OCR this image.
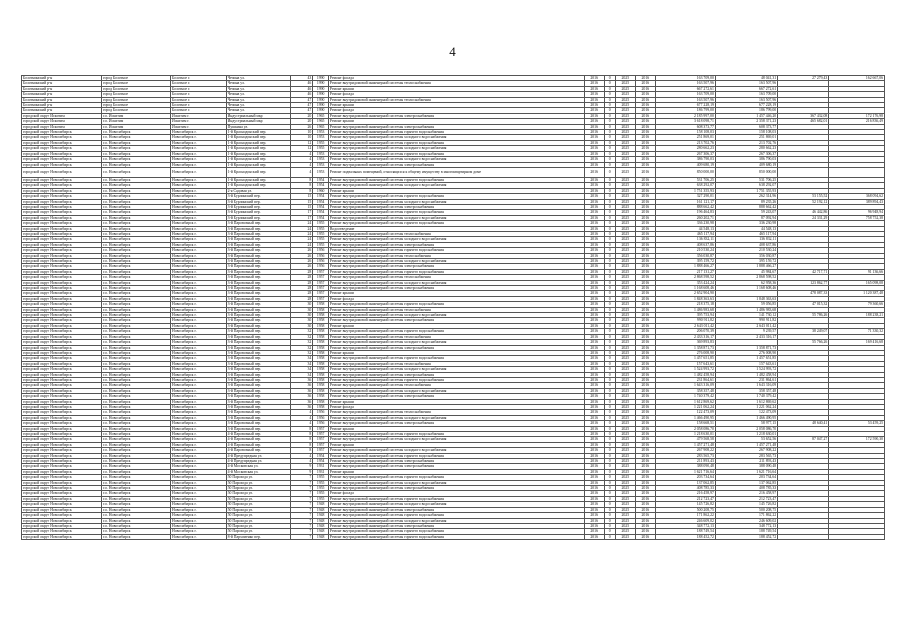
4
Болотнинский р-н	город Болотное	Болотное г.	Чечина ул.	43	1990	Ремонт фасада	2016	0	2025	2016	163 709,00	48 041,31	27 279,43	162 667,06
Болотнинский р-н	город Болотное	Болотное г.	Чечина ул.	46	1990	Ремонт внутридомовой инженерной системы теплоснабжения	2016	0	2025	2016	163 507,96	163 507,96		
Болотнинский р-н	город Болотное	Болотное г.	Чечина ул.	46	1990	Ремонт крыши	2016	0	2025	2016	667 272,61	667 272,61		
Болотнинский р-н	город Болотное	Болотное г.	Чечина ул.	46	1990	Ремонт фасада	2016	0	2025	2016	163 709,00	163 709,00		
Болотнинский р-н	город Болотное	Болотное г.	Чечина ул.	47	1990	Ремонт внутридомовой инженерной системы теплоснабжения	2016	0	2025	2016	163 507,96	163 507,96		
Болотнинский р-н	город Болотное	Болотное г.	Чечина ул.	47	1990	Ремонт крыши	2016	0	2025	2016	677 228,19	677 228,19		
Болотнинский р-н	город Болотное	Болотное г.	Чечина ул.	47	1990	Ремонт фасада	2016	0	2025	2016	186 799,00	186 799,00		
городской округ Искитим	г.о. Искитим	Искитим г.	Индустриальный мкр	20	1965	Ремонт внутридомовой инженерной системы электроснабжения	2016	0	2025	2016	2 185 997,00	1 457 446,20	367 432,08	172 176,98
городской округ Искитим	г.о. Искитим	Искитим г.	Индустриальный мкр	20	1965	Ремонт крыши	2016	0	2025	2016	3 618 098,71	2 358 371,23	465 682,01	216 836,49
городской округ Искитим	г.о. Искитим	Искитим г.	Пушкина ул.	26	1965	Ремонт внутридомовой инженерной системы электроснабжения	2016	0	2025	2016	608 373,77	608 373,77		
городской округ Новосибирск	г.о. Новосибирск	Новосибирск г.	1-й Краснодонский пер.	10	1953	Ремонт внутридомовой инженерной системы горячего водоснабжения	2016	0	2025	2016	158 108,03	158 108,03		
городской округ Новосибирск	г.о. Новосибирск	Новосибирск г.	1-й Краснодонский пер.	10	1953	Ремонт внутридомовой инженерной системы холодного водоснабжения	2016	0	2025	2016	251 869,01	251 869,01		
городской округ Новосибирск	г.о. Новосибирск	Новосибирск г.	1-й Краснодонский пер.	12	1955	Ремонт внутридомовой инженерной системы горячего водоснабжения	2016	0	2025	2016	213 702,76	213 702,76		
городской округ Новосибирск	г.о. Новосибирск	Новосибирск г.	1-й Краснодонский пер.	12	1955	Ремонт внутридомовой инженерной системы холодного водоснабжения	2016	0	2025	2016	280 662,23	280 662,23		
городской округ Новосибирск	г.о. Новосибирск	Новосибирск г.	1-й Краснодонский пер.	4	1953	Ремонт внутридомовой инженерной системы горячего водоснабжения	2016	0	2025	2016	267 306,37	267 306,37		
городской округ Новосибирск	г.о. Новосибирск	Новосибирск г.	1-й Краснодонский пер.	4	1953	Ремонт внутридомовой инженерной системы холодного водоснабжения	2016	0	2025	2016	386 790,03	386 790,03		
городской округ Новосибирск	г.о. Новосибирск	Новосибирск г.	1-й Краснодонский пер.	4	1953	Ремонт внутридомовой инженерной системы электроснабжения	2016	0	2025	2016	409 680,19	409 680,19		
городской округ Новосибирск	г.о. Новосибирск	Новосибирск г.	1-й Краснодонский пер.	4	1953	Ремонт подвальных помещений, относящихся к общему имуществу в многоквартирном доме	2016	0	2025	2016	850 000,00	850 000,00		
городской округ Новосибирск	г.о. Новосибирск	Новосибирск г.	1-й Краснодонский пер.	8	1954	Ремонт внутридомовой инженерной системы горячего водоснабжения	2016	0	2025	2016	531 706,25	531 706,25		
городской округ Новосибирск	г.о. Новосибирск	Новосибирск г.	1-й Краснодонский пер.	8	1954	Ремонт внутридомовой инженерной системы холодного водоснабжения	2016	0	2025	2016	638 292,07	638 292,07		
городской округ Новосибирск	г.о. Новосибирск	Новосибирск г.	2-я Садовая ул.	8	1960	Ремонт крыши	2016	0	2025	2016	1 751 355,93	1 751 355,93		
городской округ Новосибирск	г.о. Новосибирск	Новосибирск г.	3-й Бурлинский пер.	15	1954	Ремонт внутридомовой инженерной системы горячего водоснабжения	2016	0	2025	2016	327 290,01	262 314,96	53 155,52	368 094,62
городской округ Новосибирск	г.о. Новосибирск	Новосибирск г.	3-й Бурлинский пер.	15	1954	Ремонт внутридомовой инженерной системы холодного водоснабжения	2016	0	2025	2016	161 121,17	89 235,26	52 192,12	389 894,43
городской округ Новосибирск	г.о. Новосибирск	Новосибирск г.	3-й Бурлинский пер.	15	1954	Ремонт внутридомовой инженерной системы электроснабжения	2016	0	2025	2016	888 662,42	888 662,42		
городской округ Новосибирск	г.о. Новосибирск	Новосибирск г.	3-й Бурлинский пер.	17	1954	Ремонт внутридомовой инженерной системы горячего водоснабжения	2016	0	2025	2016	196 464,83	59 243,07	46 442,86	96 948,94
городской округ Новосибирск	г.о. Новосибирск	Новосибирск г.	3-й Бурлинский пер.	17	1954	Ремонт внутридомовой инженерной системы холодного водоснабжения	2016	0	2025	2016	260 202,71	87 092,94	24 331,29	758 752,38
городской округ Новосибирск	г.о. Новосибирск	Новосибирск г.	3-й Паровозный пер.	24	1955	Ремонт внутридомовой инженерной системы горячего водоснабжения	2016	0	2025	2016	336 230,98	336 230,98		
городской округ Новосибирск	г.о. Новосибирск	Новосибирск г.	3-й Паровозный пер.	24	1955	Водоотведение	2016	0	2025	2016	44 548,13	44 548,13		
городской округ Новосибирск	г.о. Новосибирск	Новосибирск г.	3-й Паровозный пер.	24	1955	Ремонт внутридомовой инженерной системы теплоснабжения	2016	0	2025	2016	465 117,94	465 117,94		
городской округ Новосибирск	г.о. Новосибирск	Новосибирск г.	3-й Паровозный пер.	24	1955	Ремонт внутридомовой инженерной системы холодного водоснабжения	2016	0	2025	2016	136 832,11	136 832,11		
городской округ Новосибирск	г.о. Новосибирск	Новосибирск г.	3-й Паровозный пер.	24	1955	Ремонт внутридомовой инженерной системы электроснабжения	2016	0	2025	2016	408 637,86	408 637,86		
городской округ Новосибирск	г.о. Новосибирск	Новосибирск г.	3-й Паровозный пер.	26	1956	Ремонт внутридомовой инженерной системы горячего водоснабжения	2016	0	2025	2016	210 530,24	210 530,24		
городской округ Новосибирск	г.о. Новосибирск	Новосибирск г.	3-й Паровозный пер.	26	1956	Ремонт внутридомовой инженерной системы теплоснабжения	2016	0	2025	2016	356 030,87	356 030,87		
городской округ Новосибирск	г.о. Новосибирск	Новосибирск г.	3-й Паровозный пер.	26	1956	Ремонт внутридомовой инженерной системы холодного водоснабжения	2016	0	2025	2016	395 159,72	395 159,72		
городской округ Новосибирск	г.о. Новосибирск	Новосибирск г.	3-й Паровозный пер.	26	1956	Ремонт внутридомовой инженерной системы электроснабжения	2016	0	2025	2016	1 888 466,27	1 888 466,27		
городской округ Новосибирск	г.о. Новосибирск	Новосибирск г.	3-й Паровозный пер.	28	1957	Ремонт внутридомовой инженерной системы горячего водоснабжения	2016	0	2025	2016	217 131,27	45 984,67	42 717,71	91 136,66
городской округ Новосибирск	г.о. Новосибирск	Новосибирск г.	3-й Паровозный пер.	28	1957	Ремонт внутридомовой инженерной системы теплоснабжения	2016	0	2025	2016	2 868 598,52	2 868 598,52		
городской округ Новосибирск	г.о. Новосибирск	Новосибирск г.	3-й Паровозный пер.	28	1957	Ремонт внутридомовой инженерной системы холодного водоснабжения	2016	0	2025	2016	353 424,24	62 958,36	123 862,77	165 098,08
городской округ Новосибирск	г.о. Новосибирск	Новосибирск г.	3-й Паровозный пер.	28	1957	Ремонт внутридомовой инженерной системы электроснабжения	2016	0	2025	2016	1 168 608,46	1 168 608,46		
городской округ Новосибирск	г.о. Новосибирск	Новосибирск г.	3-й Паровозный пер.	28	1957	Ремонт крыши	2016	0	2025	2016	2 652 904,90		478 087,33	1 120 387,48
городской округ Новосибирск	г.о. Новосибирск	Новосибирск г.	3-й Паровозный пер.	28	1957	Ремонт фасада	2016	0	2025	2016	1 848 363,63	1 848 363,63		
городской округ Новосибирск	г.о. Новосибирск	Новосибирск г.	3-й Паровозный пер.	30	1958	Ремонт внутридомовой инженерной системы горячего водоснабжения	2016	0	2025	2016	218 375,18	59 056,85	47 015,32	79 360,66
городской округ Новосибирск	г.о. Новосибирск	Новосибирск г.	3-й Паровозный пер.	30	1958	Ремонт внутридомовой инженерной системы теплоснабжения	2016	0	2025	2016	1 486 983,68	1 486 983,68		
городской округ Новосибирск	г.о. Новосибирск	Новосибирск г.	3-й Паровозный пер.	30	1958	Ремонт внутридомовой инженерной системы холодного водоснабжения	2016	0	2025	2016	395 753,94	141 730,12	55 786,26	188 238,21
городской округ Новосибирск	г.о. Новосибирск	Новосибирск г.	3-й Паровозный пер.	30	1958	Ремонт внутридомовой инженерной системы электроснабжения	2016	0	2025	2016	990 911,82	990 911,82		
городской округ Новосибирск	г.о. Новосибирск	Новосибирск г.	3-й Паровозный пер.	30	1958	Ремонт крыши	2016	0	2025	2016	2 643 011,42	2 643 011,42		
городской округ Новосибирск	г.о. Новосибирск	Новосибирск г.	3-й Паровозный пер.	32	1958	Ремонт внутридомовой инженерной системы горячего водоснабжения	2016	0	2025	2016	206 070,39	9 239,57	38 249,07	71 330,32
городской округ Новосибирск	г.о. Новосибирск	Новосибирск г.	3-й Паровозный пер.	32	1958	Ремонт внутридомовой инженерной системы теплоснабжения	2016	0	2025	2016	2 433 316,17	2 433 316,17		
городской округ Новосибирск	г.о. Новосибирск	Новосибирск г.	3-й Паровозный пер.	32	1958	Ремонт внутридомовой инженерной системы холодного водоснабжения	2016	0	2025	2016	369 893,83		55 766,26	169 416,68
городской округ Новосибирск	г.о. Новосибирск	Новосибирск г.	3-й Паровозный пер.	32	1958	Ремонт внутридомовой инженерной системы электроснабжения	2016	0	2025	2016	1 358 871,73	1 358 871,73		
городской округ Новосибирск	г.о. Новосибирск	Новосибирск г.	3-й Паровозный пер.	32	1958	Ремонт крыши	2016	0	2025	2016	276 008,90	276 008,90		
городской округ Новосибирск	г.о. Новосибирск	Новосибирск г.	3-й Паровозный пер.	34	1958	Ремонт внутридомовой инженерной системы горячего водоснабжения	2016	0	2025	2016	1 457 651,85	1 457 651,85		
городской округ Новосибирск	г.о. Новосибирск	Новосибирск г.	3-й Паровозный пер.	34	1958	Ремонт внутридомовой инженерной системы теплоснабжения	2016	0	2025	2016	157 643,61	157 643,61		
городской округ Новосибирск	г.о. Новосибирск	Новосибирск г.	3-й Паровозный пер.	34	1958	Ремонт внутридомовой инженерной системы холодного водоснабжения	2016	0	2025	2016	1 524 993,72	1 524 993,72		
городской округ Новосибирск	г.о. Новосибирск	Новосибирск г.	3-й Паровозный пер.	34	1958	Ремонт внутридомовой инженерной системы электроснабжения	2016	0	2025	2016	1 482 458,94	1 482 458,94		
городской округ Новосибирск	г.о. Новосибирск	Новосибирск г.	3-й Паровозный пер.	36	1958	Ремонт внутридомовой инженерной системы горячего водоснабжения	2016	0	2025	2016	231 864,61	231 864,61		
городской округ Новосибирск	г.о. Новосибирск	Новосибирск г.	3-й Паровозный пер.	36	1958	Ремонт внутридомовой инженерной системы теплоснабжения	2016	0	2025	2016	1 643 316,09	1 643 316,09		
городской округ Новосибирск	г.о. Новосибирск	Новосибирск г.	3-й Паровозный пер.	36	1958	Ремонт внутридомовой инженерной системы холодного водоснабжения	2016	0	2025	2016	358 357,48	358 357,48		
городской округ Новосибирск	г.о. Новосибирск	Новосибирск г.	3-й Паровозный пер.	36	1958	Ремонт внутридомовой инженерной системы электроснабжения	2016	0	2025	2016	1 740 379,42	1 740 379,42		
городской округ Новосибирск	г.о. Новосибирск	Новосибирск г.	3-й Паровозный пер.	36	1958	Ремонт крыши	2016	0	2025	2016	1 612 869,62	1 612 869,62		
городской округ Новосибирск	г.о. Новосибирск	Новосибирск г.	3-й Паровозный пер.	36	1958	Ремонт фасада	2016	0	2025	2016	1 221 062,24	1 221 062,24		
городской округ Новосибирск	г.о. Новосибирск	Новосибирск г.	3-й Паровозный пер.	4	1956	Ремонт внутридомовой инженерной системы теплоснабжения	2016	0	2025	2016	122 473,09	122 473,09		
городской округ Новосибирск	г.о. Новосибирск	Новосибирск г.	3-й Паровозный пер.	4	1956	Ремонт внутридомовой инженерной системы холодного водоснабжения	2016	0	2025	2016	1 466 490,95	1 466 490,95		
городской округ Новосибирск	г.о. Новосибирск	Новосибирск г.	3-й Паровозный пер.	4	1956	Ремонт внутридомовой инженерной системы электроснабжения	2016	0	2025	2016	158 668,51	58 977,15	48 640,41	53 459,25
городской округ Новосибирск	г.о. Новосибирск	Новосибирск г.	3-й Паровозный пер.	8	1957	Ремонт крыши	2016	0	2025	2016	2 058 086,70	2 058 086,70		
городской округ Новосибирск	г.о. Новосибирск	Новосибирск г.	4-й Паровозный пер.	8	1957	Ремонт внутридомовой инженерной системы горячего водоснабжения	2016	0	2025	2016	1 218 630,01	1 218 630,01		
городской округ Новосибирск	г.о. Новосибирск	Новосибирск г.	4-й Паровозный пер.	8	1957	Ремонт внутридомовой инженерной системы холодного водоснабжения	2016	0	2025	2016	479 568,58	53 652,56	87 047,27	172 590,30
городской округ Новосибирск	г.о. Новосибирск	Новосибирск г.	4-й Паровозный пер.	8	1957	Ремонт крыши	2016	0	2025	2016	1 457 271,48	1 457 271,48		
городской округ Новосибирск	г.о. Новосибирск	Новосибирск г.	4-й Паровозный пер.	8	1957	Ремонт внутридомовой инженерной системы холодного водоснабжения	2016	0	2025	2016	267 908,22	267 908,22		
городской округ Новосибирск	г.о. Новосибирск	Новосибирск г.	4-й Предупредная ул.	4	1954	Ремонт внутридомовой инженерной системы горячего водоснабжения	2016	0	2025	2016	283 565,73	283 565,73		
городской округ Новосибирск	г.о. Новосибирск	Новосибирск г.	4-й Предупредная ул.	4	1954	Ремонт внутридомовой инженерной системы электроснабжения	2016	0	2025	2016	211 893,43	211 893,43		
городской округ Новосибирск	г.о. Новосибирск	Новосибирск г.	4-й Московская ул.	9	1931	Ремонт внутридомовой инженерной системы электроснабжения	2016	0	2025	2016	388 090,48	388 090,48		
городской округ Новосибирск	г.о. Новосибирск	Новосибирск г.	4-й Московская ул.	9	1931	Ремонт крыши	2016	0	2025	2016	1 621 716,64	1 621 716,64		
городской округ Новосибирск	г.о. Новосибирск	Новосибирск г.	50 Парохода ул.	7	1955	Ремонт внутридомовой инженерной системы горячего водоснабжения	2016	0	2025	2016	203 734,64	203 734,64		
городской округ Новосибирск	г.о. Новосибирск	Новосибирск г.	50 Парохода ул.	7	1955	Ремонт внутридомовой инженерной системы холодного водоснабжения	2016	0	2025	2016	137 062,85	137 062,85		
городской округ Новосибирск	г.о. Новосибирск	Новосибирск г.	50 Парохода ул.	7	1955	Ремонт внутридомовой инженерной системы электроснабжения	2016	0	2025	2016	408 785,33	408 785,33		
городской округ Новосибирск	г.о. Новосибирск	Новосибирск г.	50 Парохода ул.	7	1955	Ремонт фасада	2016	0	2025	2016	216 458,97	216 458,97		
городской округ Новосибирск	г.о. Новосибирск	Новосибирск г.	50 Парохода ул.	7	1955	Ремонт внутридомовой инженерной системы горячего водоснабжения	2016	0	2025	2016	212 723,47	212 723,47		
городской округ Новосибирск	г.о. Новосибирск	Новосибирск г.	50 Парохода ул.	7	1948	Ремонт внутридомовой инженерной системы холодного водоснабжения	2016	0	2025	2016	145 726,82	145 726,82		
городской округ Новосибирск	г.о. Новосибирск	Новосибирск г.	50 Парохода ул.	7	1948	Ремонт внутридомовой инженерной системы электроснабжения	2016	0	2025	2016	500 208,75	500 208,75		
городской округ Новосибирск	г.о. Новосибирск	Новосибирск г.	50 Парохода ул.	7	1948	Ремонт внутридомовой инженерной системы горячего водоснабжения	2016	0	2025	2016	171 862,22	171 862,22		
городской округ Новосибирск	г.о. Новосибирск	Новосибирск г.	50 Парохода ул.	7	1948	Ремонт внутридомовой инженерной системы холодного водоснабжения	2016	0	2025	2016	246 609,02	246 609,02		
городской округ Новосибирск	г.о. Новосибирск	Новосибирск г.	50 Парохода ул.	7	1948	Ремонт внутридомовой инженерной системы электроснабжения	2016	0	2025	2016	348 772,13	348 772,13		
городской округ Новосибирск	г.о. Новосибирск	Новосибирск г.	50 Парохода ул.	7	1948	Ремонт внутридомовой инженерной системы горячего водоснабжения	2016	0	2025	2016	188 749,54	188 749,54		
городской округ Новосибирск	г.о. Новосибирск	Новосибирск г.	8-й Пархоменко пер.	7	1948	Ремонт внутридомовой инженерной системы горячего водоснабжения	2016	0	2025	2016	188 452,72	188 452,72		
